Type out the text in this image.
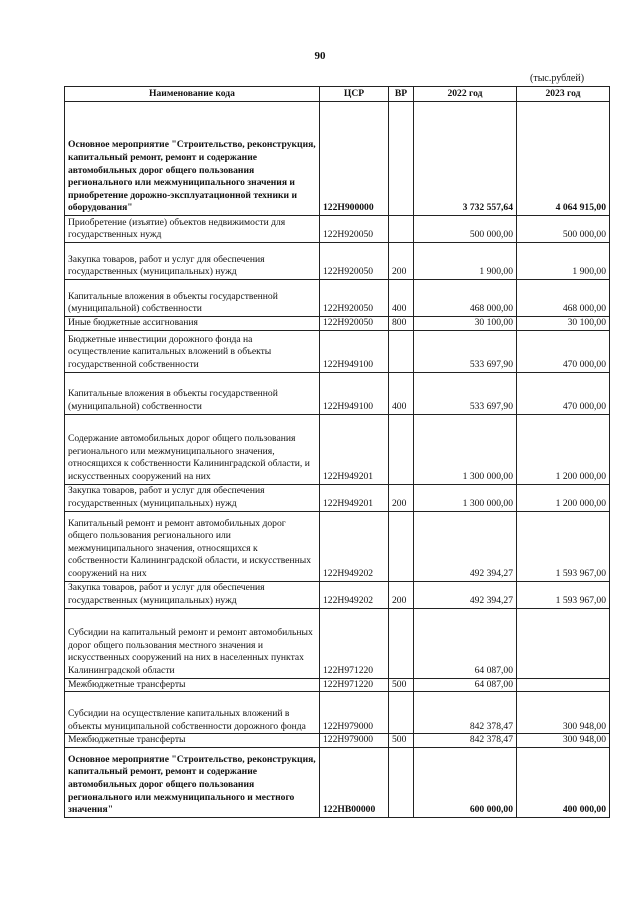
90
(тыс.рублей)
Наименование кода	ЦСР	ВР	2022 год	2023 год
Основное мероприятие "Строительство, реконструкция, капитальный ремонт, ремонт и содержание автомобильных дорог общего пользования регионального или межмуниципального значения и приобретение дорожно-эксплуатационной техники и оборудования"	122Н900000		3 732 557,64	4 064 915,00
Приобретение (изъятие) объектов недвижимости для государственных нужд	122Н920050		500 000,00	500 000,00
Закупка товаров, работ и услуг для обеспечения государственных (муниципальных) нужд	122Н920050	200	1 900,00	1 900,00
Капитальные вложения в объекты государственной (муниципальной) собственности	122Н920050	400	468 000,00	468 000,00
Иные бюджетные ассигнования	122Н920050	800	30 100,00	30 100,00
Бюджетные инвестиции дорожного фонда на осуществление капитальных вложений в объекты государственной собственности	122Н949100		533 697,90	470 000,00
Капитальные вложения в объекты государственной (муниципальной) собственности	122Н949100	400	533 697,90	470 000,00
Содержание автомобильных дорог общего пользования регионального или межмуниципального значения, относящихся к собственности Калининградской области, и искусственных сооружений на них	122Н949201		1 300 000,00	1 200 000,00
Закупка товаров, работ и услуг для обеспечения государственных (муниципальных) нужд	122Н949201	200	1 300 000,00	1 200 000,00
Капитальный ремонт и ремонт автомобильных дорог общего пользования регионального или межмуниципального значения, относящихся к собственности Калининградской области, и искусственных сооружений на них	122Н949202		492 394,27	1 593 967,00
Закупка товаров, работ и услуг для обеспечения государственных (муниципальных) нужд	122Н949202	200	492 394,27	1 593 967,00
Субсидии на капитальный ремонт и ремонт автомобильных дорог общего пользования местного значения и искусственных сооружений на них в населенных пунктах Калининградской области	122Н971220		64 087,00	
Межбюджетные трансферты	122Н971220	500	64 087,00	
Субсидии на осуществление капитальных вложений в объекты муниципальной собственности дорожного фонда	122Н979000		842 378,47	300 948,00
Межбюджетные трансферты	122Н979000	500	842 378,47	300 948,00
Основное мероприятие "Строительство, реконструкция, капитальный ремонт, ремонт и содержание автомобильных дорог общего пользования регионального или межмуниципального и местного значения"	122НВ00000		600 000,00	400 000,00
